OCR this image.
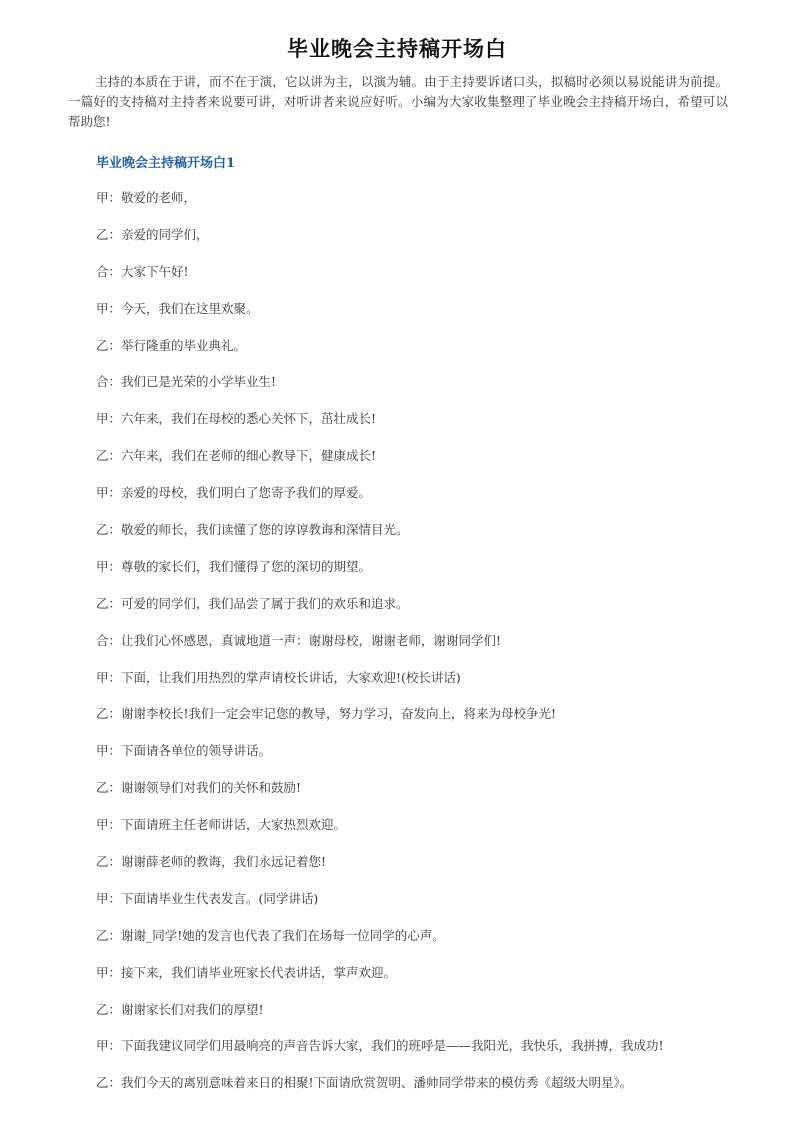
毕业晚会主持稿开场白

主持的本质在于讲，而不在于演，它以讲为主，以演为辅。由于主持要诉诸口头，拟稿时必须以易说能讲为前提。一篇好的支持稿对主持者来说要可讲，对听讲者来说应好听。小编为大家收集整理了毕业晚会主持稿开场白，希望可以帮助您!

毕业晚会主持稿开场白1
甲：敬爱的老师，
乙：亲爱的同学们，
合：大家下午好!
甲：今天，我们在这里欢聚。
乙：举行隆重的毕业典礼。
合：我们已是光荣的小学毕业生!
甲：六年来，我们在母校的悉心关怀下，茁壮成长!
乙：六年来，我们在老师的细心教导下，健康成长!
甲：亲爱的母校，我们明白了您寄予我们的厚爱。
乙：敬爱的师长，我们读懂了您的谆谆教诲和深情目光。
甲：尊敬的家长们，我们懂得了您的深切的期望。
乙：可爱的同学们，我们品尝了属于我们的欢乐和追求。
合：让我们心怀感恩，真诚地道一声：谢谢母校，谢谢老师，谢谢同学们!
甲：下面，让我们用热烈的掌声请校长讲话，大家欢迎!(校长讲话)
乙：谢谢李校长!我们一定会牢记您的教导，努力学习，奋发向上，将来为母校争光!
甲：下面请各单位的领导讲话。
乙：谢谢领导们对我们的关怀和鼓励!
甲：下面请班主任老师讲话，大家热烈欢迎。
乙：谢谢薛老师的教诲，我们永远记着您!
甲：下面请毕业生代表发言。(同学讲话)
乙：谢谢_同学!她的发言也代表了我们在场每一位同学的心声。
甲：接下来，我们请毕业班家长代表讲话，掌声欢迎。
乙：谢谢家长们对我们的厚望!
甲：下面我建议同学们用最响亮的声音告诉大家，我们的班呼是——我阳光，我快乐，我拼搏，我成功!
乙：我们今天的离别意味着来日的相聚!下面请欣赏贺明、潘帅同学带来的模仿秀《超级大明星》。
